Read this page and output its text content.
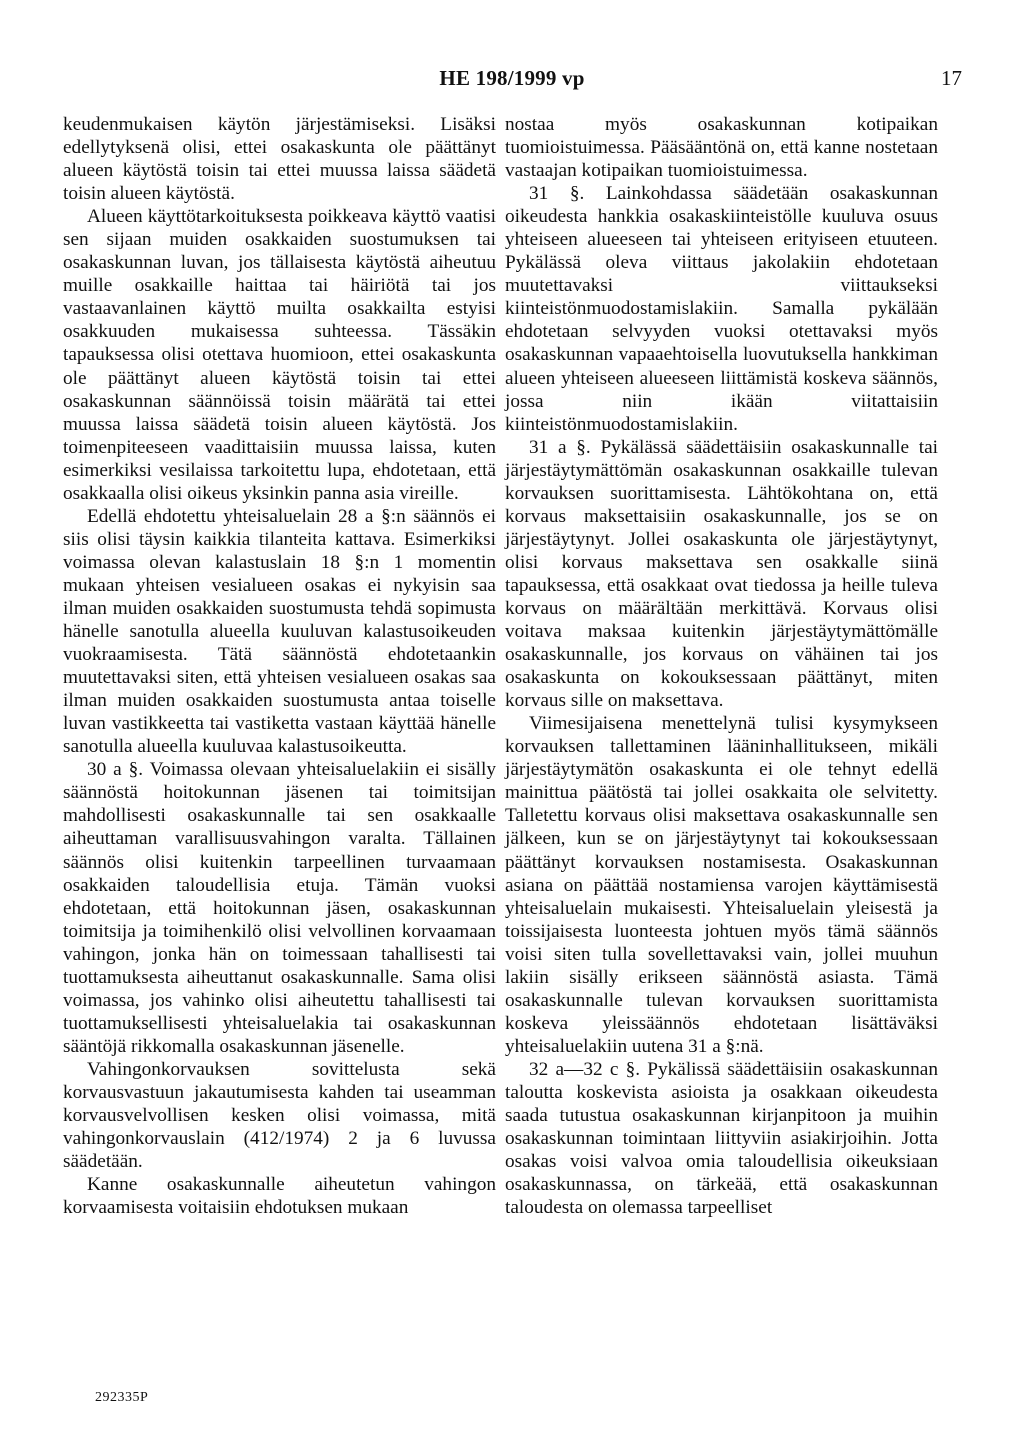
HE 198/1999 vp	17

keudenmukaisen käytön järjestämiseksi. Lisäksi edellytyksenä olisi, ettei osakaskunta ole päättänyt alueen käytöstä toisin tai ettei muussa laissa säädetä toisin alueen käytöstä.

Alueen käyttötarkoituksesta poikkeava käyttö vaatisi sen sijaan muiden osakkaiden suostumuksen tai osakaskunnan luvan, jos tällaisesta käytöstä aiheutuu muille osakkaille haittaa tai häiriötä tai jos vastaavanlainen käyttö muilta osakkailta estyisi osakkuuden mukaisessa suhteessa. Tässäkin tapauksessa olisi otettava huomioon, ettei osakaskunta ole päättänyt alueen käytöstä toisin tai ettei osakaskunnan säännöissä toisin määrätä tai ettei muussa laissa säädetä toisin alueen käytöstä. Jos toimenpiteeseen vaadittaisiin muussa laissa, kuten esimerkiksi vesilaissa tarkoitettu lupa, ehdotetaan, että osakkaalla olisi oikeus yksinkin panna asia vireille.

Edellä ehdotettu yhteisaluelain 28 a §:n säännös ei siis olisi täysin kaikkia tilanteita kattava. Esimerkiksi voimassa olevan kalastuslain 18 §:n 1 momentin mukaan yhteisen vesialueen osakas ei nykyisin saa ilman muiden osakkaiden suostumusta tehdä sopimusta hänelle sanotulla alueella kuuluvan kalastusoikeuden vuokraamisesta. Tätä säännöstä ehdotetaankin muutettavaksi siten, että yhteisen vesialueen osakas saa ilman muiden osakkaiden suostumusta antaa toiselle luvan vastikkeetta tai vastiketta vastaan käyttää hänelle sanotulla alueella kuuluvaa kalastusoikeutta.

30 a §. Voimassa olevaan yhteisaluelakiin ei sisälly säännöstä hoitokunnan jäsenen tai toimitsijan mahdollisesti osakaskunnalle tai sen osakkaalle aiheuttaman varallisuusvahingon varalta. Tällainen säännös olisi kuitenkin tarpeellinen turvaamaan osakkaiden taloudellisia etuja. Tämän vuoksi ehdotetaan, että hoitokunnan jäsen, osakaskunnan toimitsija ja toimihenkilö olisi velvollinen korvaamaan vahingon, jonka hän on toimessaan tahallisesti tai tuottamuksesta aiheuttanut osakaskunnalle. Sama olisi voimassa, jos vahinko olisi aiheutettu tahallisesti tai tuottamuksellisesti yhteisaluelakia tai osakaskunnan sääntöjä rikkomalla osakaskunnan jäsenelle.

Vahingonkorvauksen sovittelusta sekä korvausvastuun jakautumisesta kahden tai useamman korvausvelvollisen kesken olisi voimassa, mitä vahingonkorvauslain (412/1974) 2 ja 6 luvussa säädetään.

Kanne osakaskunnalle aiheutetun vahingon korvaamisesta voitaisiin ehdotuksen mukaan

nostaa myös osakaskunnan kotipaikan tuomioistuimessa. Pääsääntönä on, että kanne nostetaan vastaajan kotipaikan tuomioistuimessa.

31 §. Lainkohdassa säädetään osakaskunnan oikeudesta hankkia osakaskiinteistölle kuuluva osuus yhteiseen alueeseen tai yhteiseen erityiseen etuuteen. Pykälässä oleva viittaus jakolakiin ehdotetaan muutettavaksi viittaukseksi kiinteistönmuodostamislakiin. Samalla pykälään ehdotetaan selvyyden vuoksi otettavaksi myös osakaskunnan vapaaehtoisella luovutuksella hankkiman alueen yhteiseen alueeseen liittämistä koskeva säännös, jossa niin ikään viitattaisiin kiinteistönmuodostamislakiin.

31 a §. Pykälässä säädettäisiin osakaskunnalle tai järjestäytymättömän osakaskunnan osakkaille tulevan korvauksen suorittamisesta. Lähtökohtana on, että korvaus maksettaisiin osakaskunnalle, jos se on järjestäytynyt. Jollei osakaskunta ole järjestäytynyt, olisi korvaus maksettava sen osakkalle siinä tapauksessa, että osakkaat ovat tiedossa ja heille tuleva korvaus on määrältään merkittävä. Korvaus olisi voitava maksaa kuitenkin järjestäytymättömälle osakaskunnalle, jos korvaus on vähäinen tai jos osakaskunta on kokouksessaan päättänyt, miten korvaus sille on maksettava.

Viimesijaisena menettelynä tulisi kysymykseen korvauksen tallettaminen lääninhallitukseen, mikäli järjestäytymätön osakaskunta ei ole tehnyt edellä mainittua päätöstä tai jollei osakkaita ole selvitetty. Talletettu korvaus olisi maksettava osakaskunnalle sen jälkeen, kun se on järjestäytynyt tai kokouksessaan päättänyt korvauksen nostamisesta. Osakaskunnan asiana on päättää nostamiensa varojen käyttämisestä yhteisaluelain mukaisesti. Yhteisaluelain yleisestä ja toissijaisesta luonteesta johtuen myös tämä säännös voisi siten tulla sovellettavaksi vain, jollei muuhun lakiin sisälly erikseen säännöstä asiasta. Tämä osakaskunnalle tulevan korvauksen suorittamista koskeva yleissäännös ehdotetaan lisättäväksi yhteisaluelakiin uutena 31 a §:nä.

32 a—32 c §. Pykälissä säädettäisiin osakaskunnan taloutta koskevista asioista ja osakkaan oikeudesta saada tutustua osakaskunnan kirjanpitoon ja muihin osakaskunnan toimintaan liittyviin asiakirjoihin. Jotta osakas voisi valvoa omia taloudellisia oikeuksiaan osakaskunnassa, on tärkeää, että osakaskunnan taloudesta on olemassa tarpeelliset

292335P
